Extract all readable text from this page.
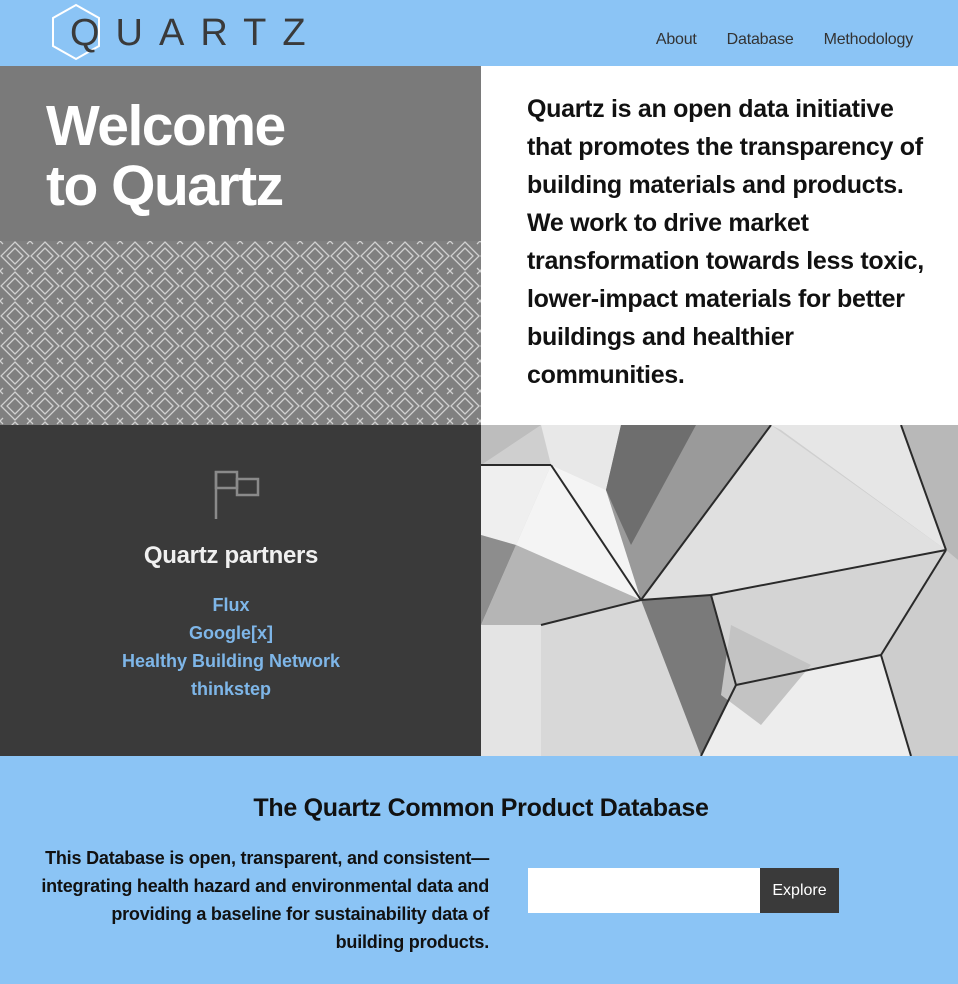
QUARTZ	About Database Methodology
Welcome
to Quartz

Quartz is an open data initiative that promotes the transparency of building materials and products. We work to drive market transformation towards less toxic, lower-impact materials for better buildings and healthier communities.

Quartz partners
Flux
Google[x]
Healthy Building Network
thinkstep
The Quartz Common Product Database

This Database is open, transparent, and consistent—integrating health hazard and environmental data and providing a baseline for sustainability data of building products.

Explore
